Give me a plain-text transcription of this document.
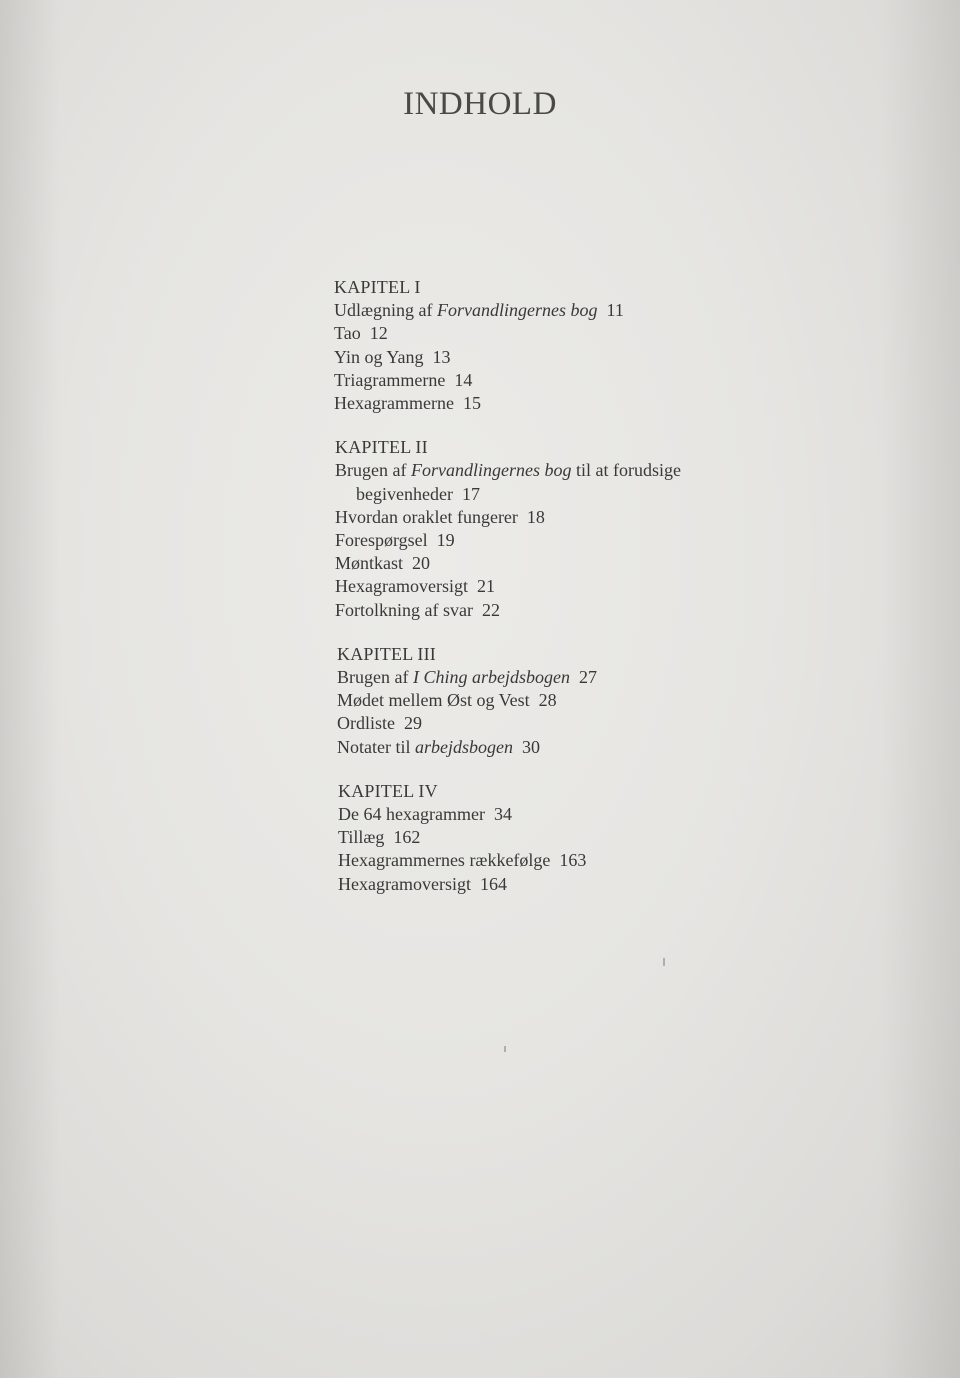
INDHOLD
KAPITEL I
Udlægning af Forvandlingernes bog 11
Tao 12
Yin og Yang 13
Triagrammerne 14
Hexagrammerne 15
KAPITEL II
Brugen af Forvandlingernes bog til at forudsige
begivenheder 17
Hvordan oraklet fungerer 18
Forespørgsel 19
Møntkast 20
Hexagramoversigt 21
Fortolkning af svar 22
KAPITEL III
Brugen af I Ching arbejdsbogen 27
Mødet mellem Øst og Vest 28
Ordliste 29
Notater til arbejdsbogen 30
KAPITEL IV
De 64 hexagrammer 34
Tillæg 162
Hexagrammernes rækkefølge 163
Hexagramoversigt 164
